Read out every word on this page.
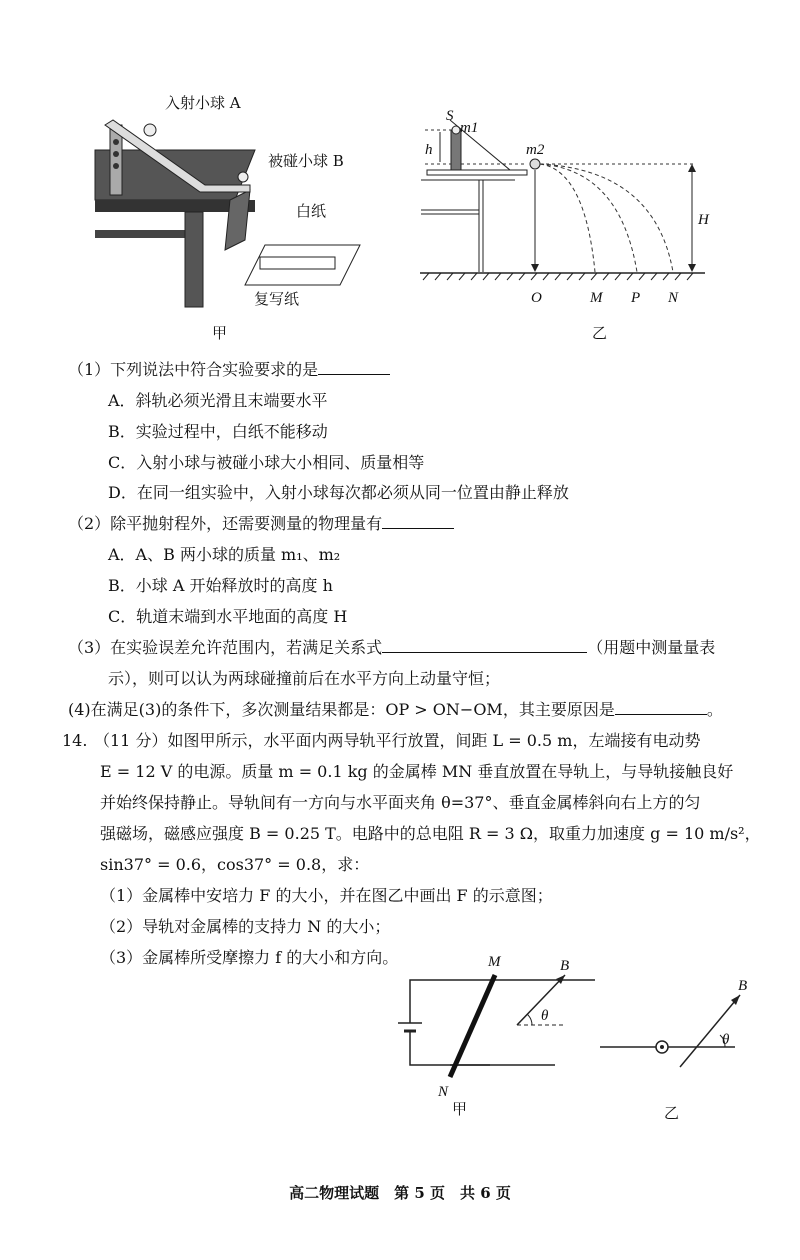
入射小球 A
被碰小球 B
白纸
复写纸
甲
S
m1
m2
h
H
O	M P N
乙
（1）下列说法中符合实验要求的是
A．斜轨必须光滑且末端要水平
B．实验过程中，白纸不能移动
C．入射小球与被碰小球大小相同、质量相等
D．在同一组实验中，入射小球每次都必须从同一位置由静止释放
（2）除平抛射程外，还需要测量的物理量有
A．A、B 两小球的质量 m₁、m₂
B．小球 A 开始释放时的高度 h
C．轨道末端到水平地面的高度 H
（3）在实验误差允许范围内，若满足关系式	（用题中测量量表
示），则可以认为两球碰撞前后在水平方向上动量守恒；
(4)在满足(3)的条件下，多次测量结果都是：OP > ON−OM，其主要原因是	。
14. （11 分）如图甲所示，水平面内两导轨平行放置，间距 L = 0.5 m，左端接有电动势
E = 12 V 的电源。质量 m = 0.1 kg 的金属棒 MN 垂直放置在导轨上，与导轨接触良好
并始终保持静止。导轨间有一方向与水平面夹角 θ=37°、垂直金属棒斜向右上方的匀
强磁场，磁感应强度 B = 0.25 T。电路中的总电阻 R = 3 Ω，取重力加速度 g = 10 m/s²，
sin37° = 0.6，cos37° = 0.8，求：
（1）金属棒中安培力 F 的大小，并在图乙中画出 F 的示意图；
（2）导轨对金属棒的支持力 N 的大小；
（3）金属棒所受摩擦力 f 的大小和方向。	M
N
B
θ
甲
B
θ
乙
高二物理试题　第 5 页　共 6 页
